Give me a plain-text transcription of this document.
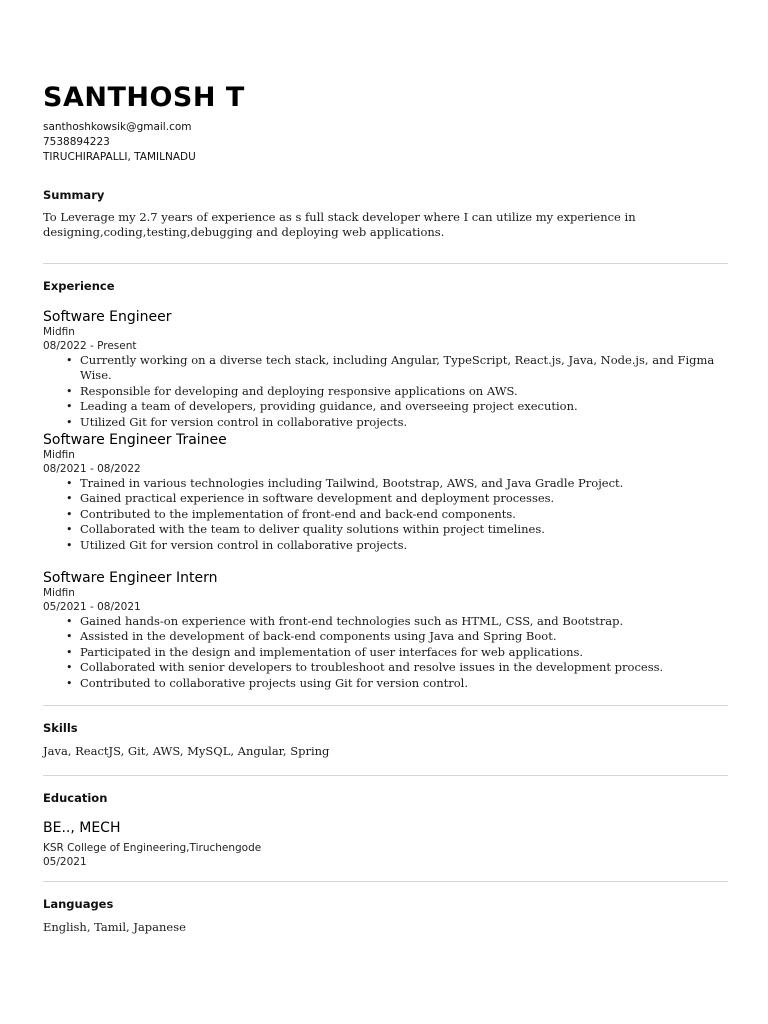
SANTHOSH T
santhoshkowsik@gmail.com
7538894223
TIRUCHIRAPALLI, TAMILNADU
Summary
To Leverage my 2.7 years of experience as s full stack developer where I can utilize my experience in designing,coding,testing,debugging and deploying web applications.
Experience
Software Engineer
Midfin
08/2022 - Present
• Currently working on a diverse tech stack, including Angular, TypeScript, React.js, Java, Node.js, and Figma Wise.
• Responsible for developing and deploying responsive applications on AWS.
• Leading a team of developers, providing guidance, and overseeing project execution.
• Utilized Git for version control in collaborative projects.
Software Engineer Trainee
Midfin
08/2021 - 08/2022
• Trained in various technologies including Tailwind, Bootstrap, AWS, and Java Gradle Project.
• Gained practical experience in software development and deployment processes.
• Contributed to the implementation of front-end and back-end components.
• Collaborated with the team to deliver quality solutions within project timelines.
• Utilized Git for version control in collaborative projects.
Software Engineer Intern
Midfin
05/2021 - 08/2021
• Gained hands-on experience with front-end technologies such as HTML, CSS, and Bootstrap.
• Assisted in the development of back-end components using Java and Spring Boot.
• Participated in the design and implementation of user interfaces for web applications.
• Collaborated with senior developers to troubleshoot and resolve issues in the development process.
• Contributed to collaborative projects using Git for version control.
Skills
Java, ReactJS, Git, AWS, MySQL, Angular, Spring
Education
BE.., MECH
KSR College of Engineering,Tiruchengode
05/2021
Languages
English, Tamil, Japanese
